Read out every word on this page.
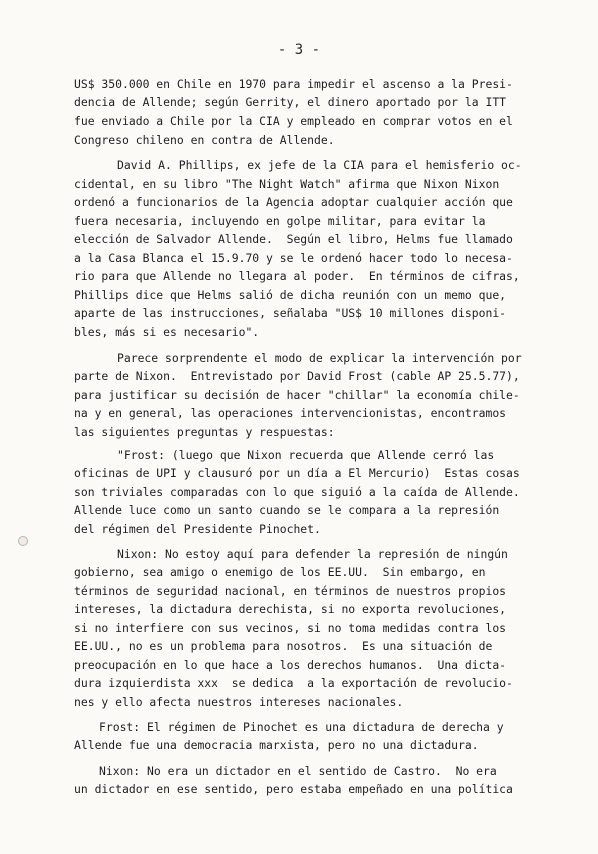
- 3 -

US$ 350.000 en Chile en 1970 para impedir el ascenso a la Presi-

dencia de Allende; según Gerrity, el dinero aportado por la ITT

fue enviado a Chile por la CIA y empleado en comprar votos en el

Congreso chileno en contra de Allende.

David A. Phillips, ex jefe de la CIA para el hemisferio oc-

cidental, en su libro "The Night Watch" afirma que Nixon Nixon

ordenó a funcionarios de la Agencia adoptar cualquier acción que

fuera necesaria, incluyendo en golpe militar, para evitar la

elección de Salvador Allende.  Según el libro, Helms fue llamado

a la Casa Blanca el 15.9.70 y se le ordenó hacer todo lo necesa-

rio para que Allende no llegara al poder.  En términos de cifras,

Phillips dice que Helms salió de dicha reunión con un memo que,

aparte de las instrucciones, señalaba "US$ 10 millones disponi-

bles, más si es necesario".

Parece sorprendente el modo de explicar la intervención por

parte de Nixon.  Entrevistado por David Frost (cable AP 25.5.77),

para justificar su decisión de hacer "chillar" la economía chile-

na y en general, las operaciones intervencionistas, encontramos

las siguientes preguntas y respuestas:

"Frost: (luego que Nixon recuerda que Allende cerró las

oficinas de UPI y clausuró por un día a El Mercurio)  Estas cosas

son triviales comparadas con lo que siguió a la caída de Allende.

Allende luce como un santo cuando se le compara a la represión

del régimen del Presidente Pinochet.

Nixon: No estoy aquí para defender la represión de ningún

gobierno, sea amigo o enemigo de los EE.UU.  Sin embargo, en

términos de seguridad nacional, en términos de nuestros propios

intereses, la dictadura derechista, si no exporta revoluciones,

si no interfiere con sus vecinos, si no toma medidas contra los

EE.UU., no es un problema para nosotros.  Es una situación de

preocupación en lo que hace a los derechos humanos.  Una dicta-

dura izquierdista xxx  se dedica  a la exportación de revolucio-

nes y ello afecta nuestros intereses nacionales.

Frost: El régimen de Pinochet es una dictadura de derecha y

Allende fue una democracia marxista, pero no una dictadura.

Nixon: No era un dictador en el sentido de Castro.  No era

un dictador en ese sentido, pero estaba empeñado en una política
